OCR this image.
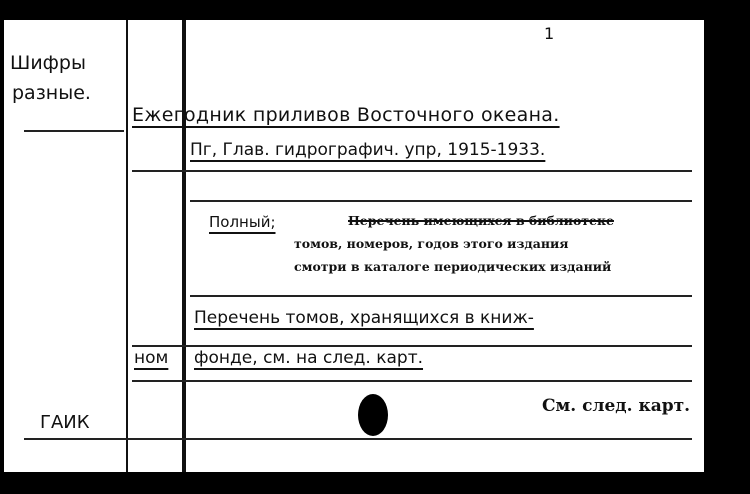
1
Шифры
разные.
Ежегодник приливов Восточного океана.
Пг, Глав. гидрографич. упр, 1915-1933.
Полный;	Перечень имеющихся в библиотеке
томов, номеров, годов этого издания
смотри в каталоге периодических изданий
Перечень томов, хранящихся в книж-
ном фонде, см. на след. карт.
ГАИК
См. след. карт.
